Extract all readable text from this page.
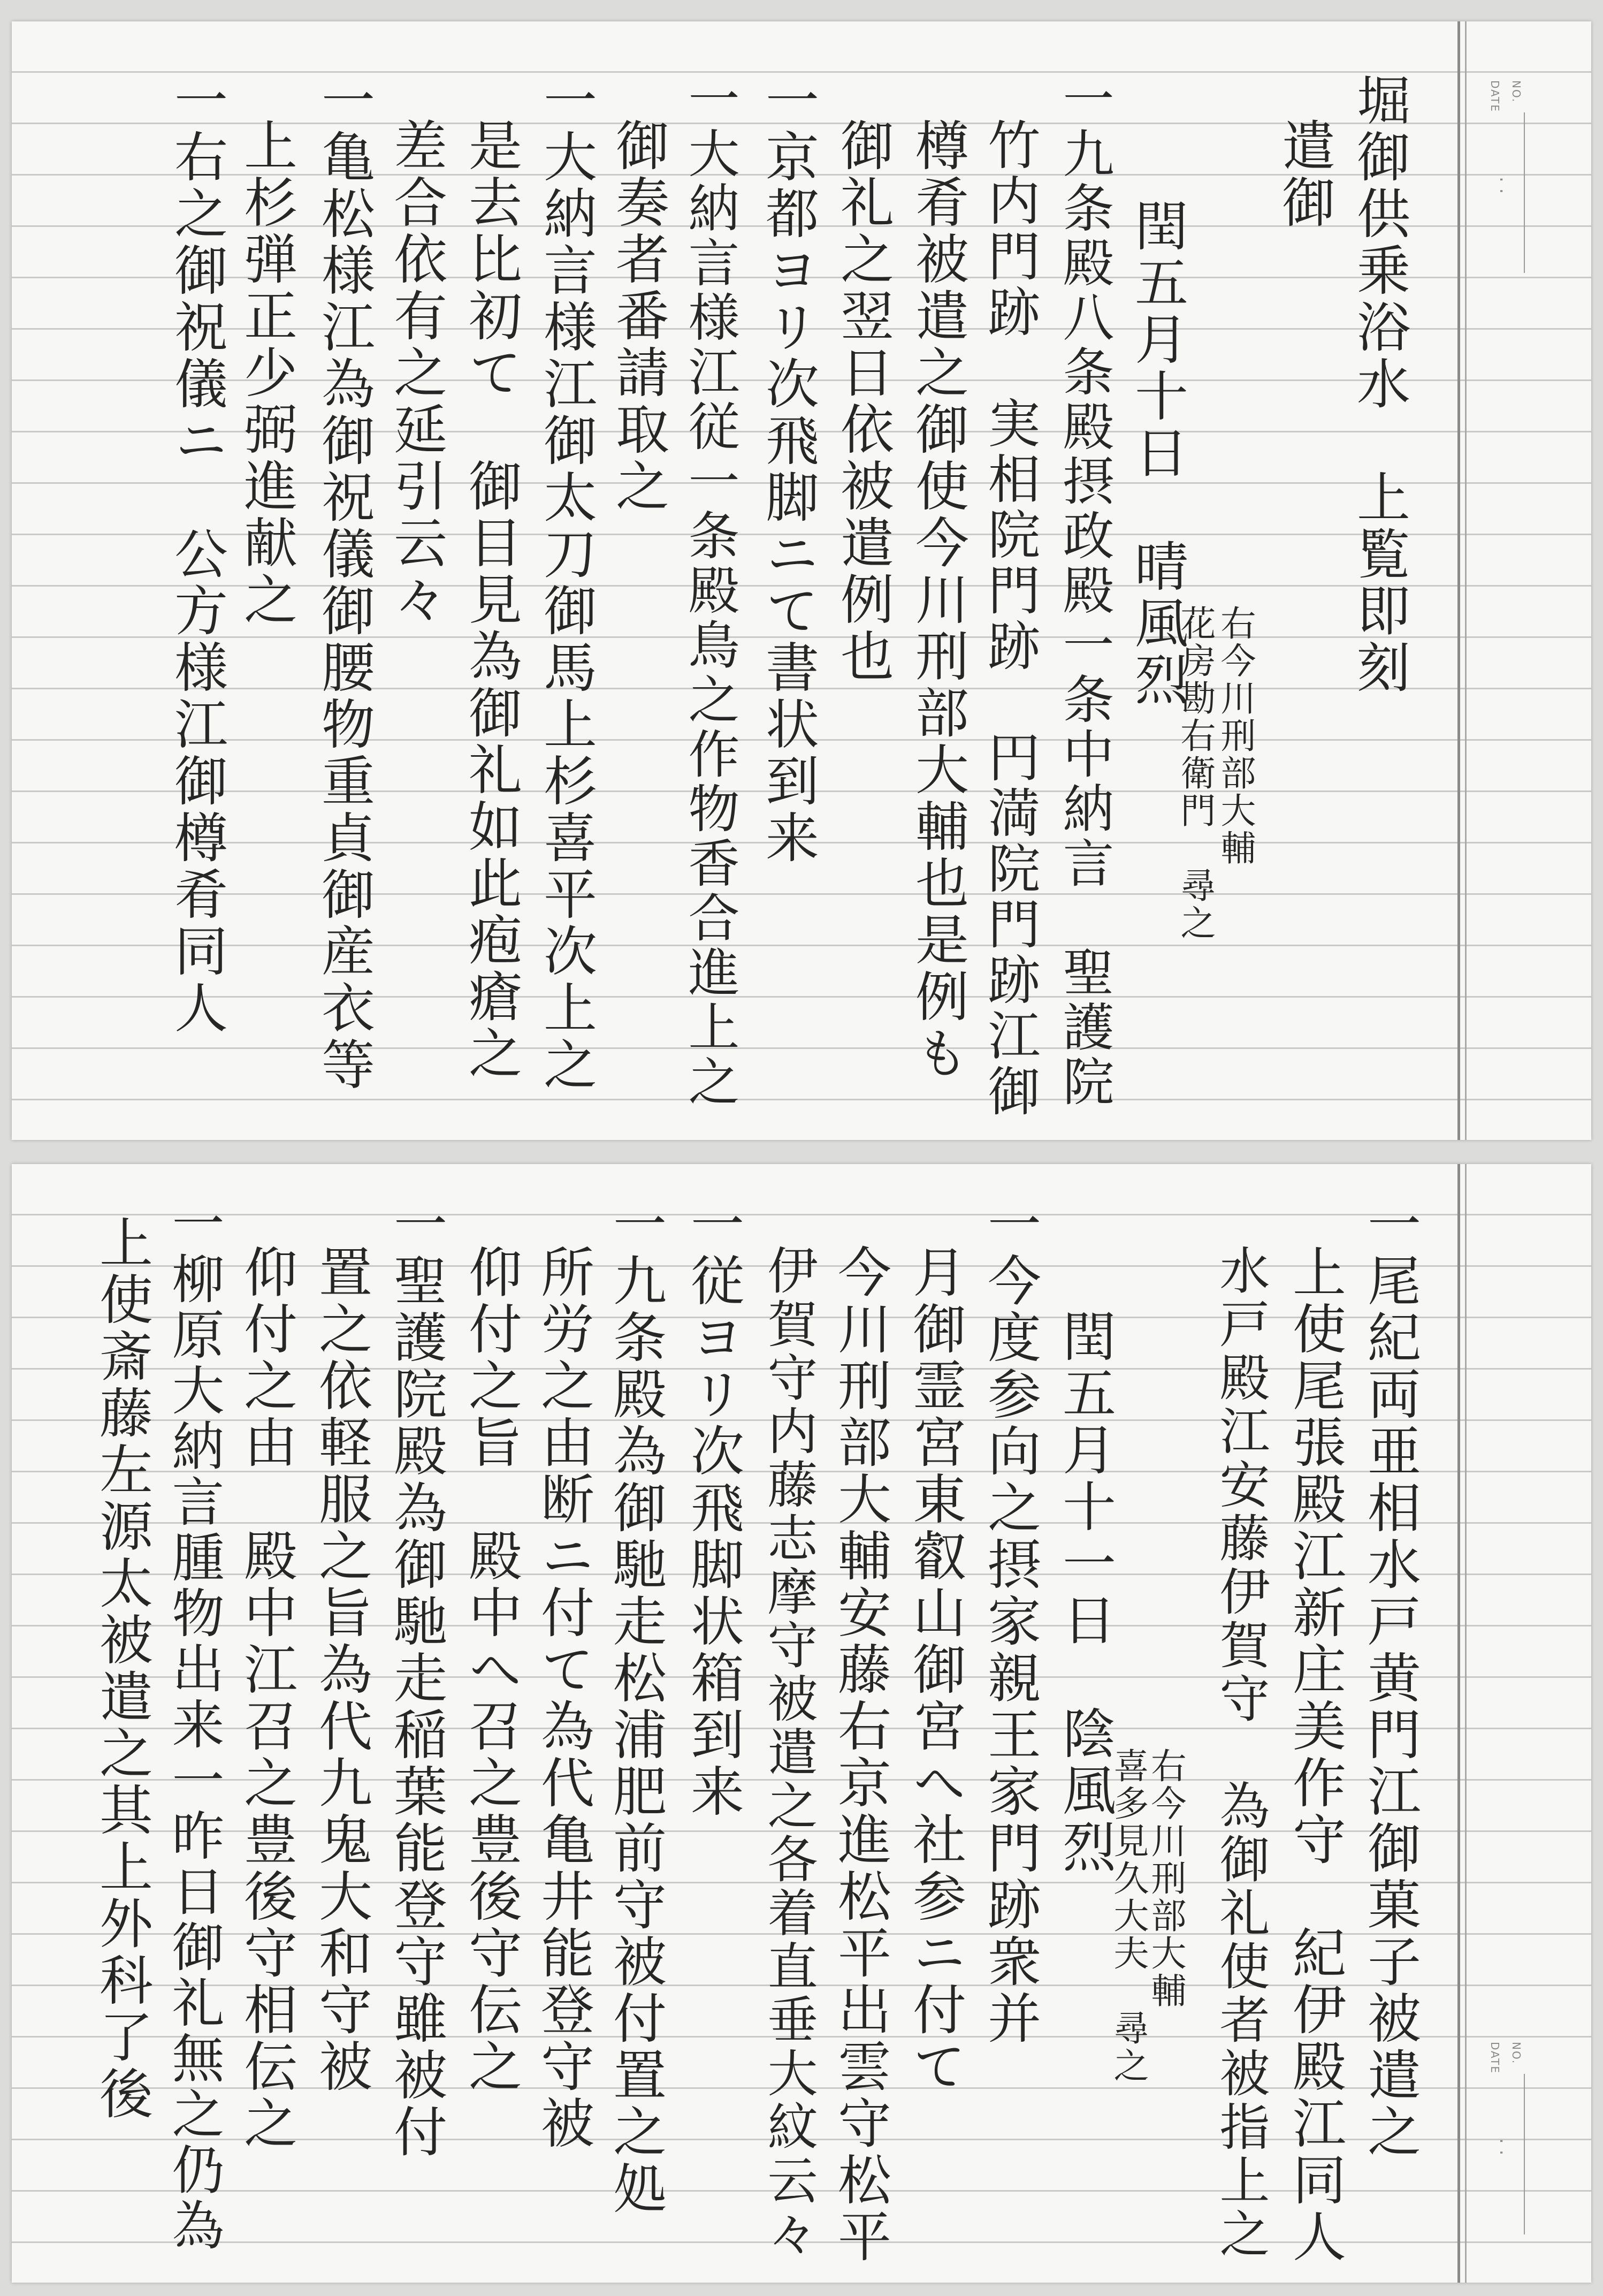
NO.
DATE
. .
一右之御祝儀ニ　公方様江御樽肴同人 上杉弾正少弼進献之 一亀松様江為御祝儀御腰物重貞御産衣等 差合依有之延引云々 是去比初て　御目見為御礼如此疱瘡之 一大納言様江御太刀御馬上杉喜平次上之 御奏者番請取之 一大納言様江従一条殿鳥之作物香合進上之 一京都ヨリ次飛脚ニて書状到来 御礼之翌日依被遣例也 樽肴被遣之御使今川刑部大輔也是例も 竹内門跡　実相院門跡　円満院門跡江御 一九条殿八条殿摂政殿一条中納言　聖護院 閏五月十日　晴風烈
右今川刑部大輔
花房勘右衛門　尋之
遣御 堀御供乗浴水　上覧即刻
NO.
DATE
. .
上使斎藤左源太被遣之其上外科了後 一柳原大納言腫物出来一昨日御礼無之仍為 仰付之由　殿中江召之豊後守相伝之 置之依軽服之旨為代九鬼大和守被 一聖護院殿為御馳走稲葉能登守雖被付 仰付之旨　殿中へ召之豊後守伝之 所労之由断ニ付て為代亀井能登守被 一九条殿為御馳走松浦肥前守被付置之処 一従ヨリ次飛脚状箱到来 伊賀守内藤志摩守被遣之各着直垂大紋云々 今川刑部大輔安藤右京進松平出雲守松平 月御霊宮東叡山御宮へ社参ニ付て 一今度参向之摂家親王家門跡衆并 閏五月十一日　陰風烈
右今川刑部大輔
喜多見久大夫　尋之 水戸殿江安藤伊賀守　為御礼使者被指上之 上使尾張殿江新庄美作守　紀伊殿江同人 一尾紀両亜相水戸黄門江御菓子被遣之
